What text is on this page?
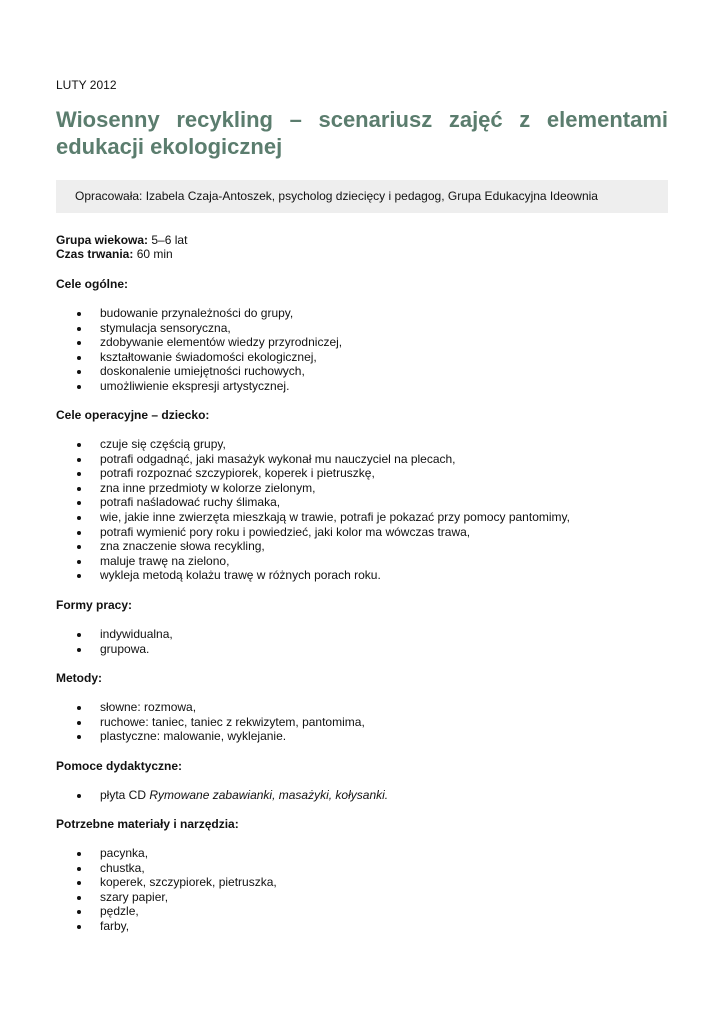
LUTY 2012
Wiosenny recykling – scenariusz zajęć z elementami edukacji ekologicznej
Opracowała: Izabela Czaja-Antoszek, psycholog dziecięcy i pedagog, Grupa Edukacyjna Ideownia
Grupa wiekowa: 5–6 lat
Czas trwania: 60 min
Cele ogólne:
budowanie przynależności do grupy,
stymulacja sensoryczna,
zdobywanie elementów wiedzy przyrodniczej,
kształtowanie świadomości ekologicznej,
doskonalenie umiejętności ruchowych,
umożliwienie ekspresji artystycznej.
Cele operacyjne – dziecko:
czuje się częścią grupy,
potrafi odgadnąć, jaki masażyk wykonał mu nauczyciel na plecach,
potrafi rozpoznać szczypiorek, koperek i pietruszkę,
zna inne przedmioty w kolorze zielonym,
potrafi naśladować ruchy ślimaka,
wie, jakie inne zwierzęta mieszkają w trawie, potrafi je pokazać przy pomocy pantomimy,
potrafi wymienić pory roku i powiedzieć, jaki kolor ma wówczas trawa,
zna znaczenie słowa recykling,
maluje trawę na zielono,
wykleja metodą kolażu trawę w różnych porach roku.
Formy pracy:
indywidualna,
grupowa.
Metody:
słowne: rozmowa,
ruchowe: taniec, taniec z rekwizytem, pantomima,
plastyczne: malowanie, wyklejanie.
Pomoce dydaktyczne:
płyta CD Rymowane zabawianki, masażyki, kołysanki.
Potrzebne materiały i narzędzia:
pacynka,
chustka,
koperek, szczypiorek, pietruszka,
szary papier,
pędzle,
farby,
